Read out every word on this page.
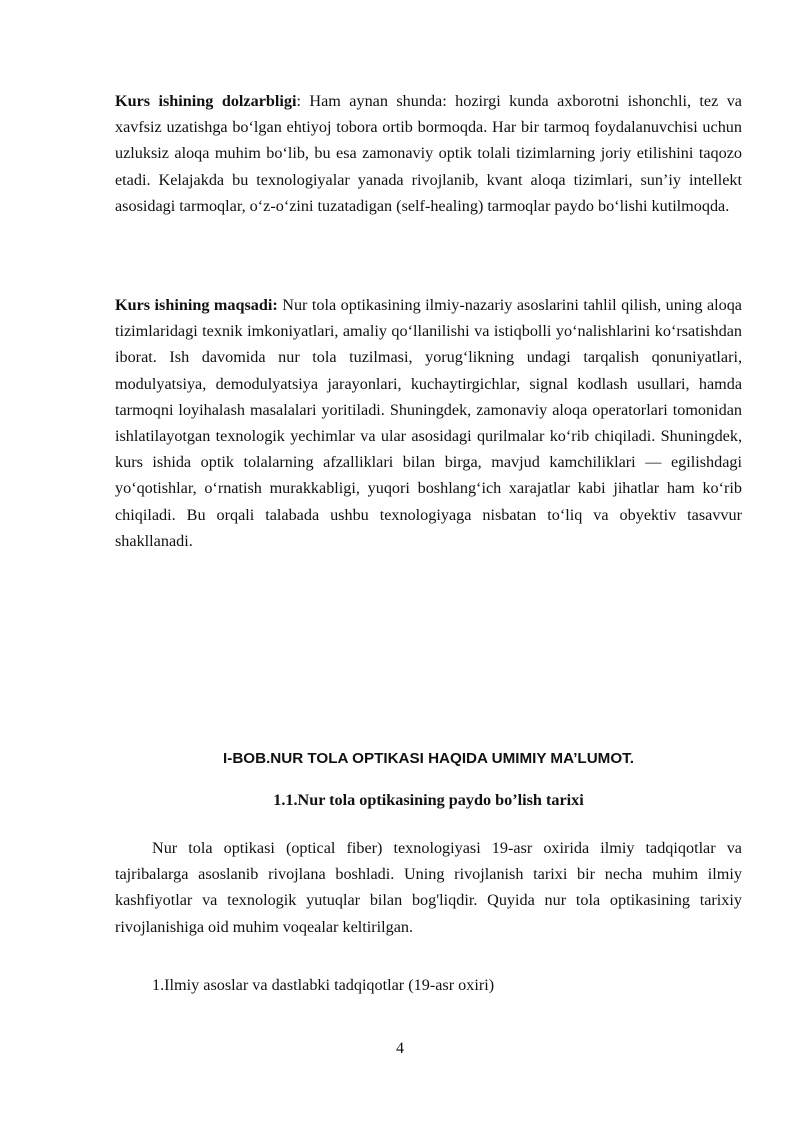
Kurs ishining dolzarbligi: Ham aynan shunda: hozirgi kunda axborotni ishonchli, tez va xavfsiz uzatishga boʻlgan ehtiyoj tobora ortib bormoqda. Har bir tarmoq foydalanuvchisi uchun uzluksiz aloqa muhim boʻlib, bu esa zamonaviy optik tolali tizimlarning joriy etilishini taqozo etadi. Kelajakda bu texnologiyalar yanada rivojlanib, kvant aloqa tizimlari, sun’iy intellekt asosidagi tarmoqlar, oʻz-oʻzini tuzatadigan (self-healing) tarmoqlar paydo boʻlishi kutilmoqda.

Kurs ishining maqsadi: Nur tola optikasining ilmiy-nazariy asoslarini tahlil qilish, uning aloqa tizimlaridagi texnik imkoniyatlari, amaliy qoʻllanilishi va istiqbolli yoʻnalishlarini koʻrsatishdan iborat. Ish davomida nur tola tuzilmasi, yorugʻlikning undagi tarqalish qonuniyatlari, modulyatsiya, demodulyatsiya jarayonlari, kuchaytirgichlar, signal kodlash usullari, hamda tarmoqni loyihalash masalalari yoritiladi. Shuningdek, zamonaviy aloqa operatorlari tomonidan ishlatilayotgan texnologik yechimlar va ular asosidagi qurilmalar koʻrib chiqiladi. Shuningdek, kurs ishida optik tolalarning afzalliklari bilan birga, mavjud kamchiliklari — egilishdagi yoʻqotishlar, oʻrnatish murakkabligi, yuqori boshlangʻich xarajatlar kabi jihatlar ham koʻrib chiqiladi. Bu orqali talabada ushbu texnologiyaga nisbatan toʻliq va obyektiv tasavvur shakllanadi.

I-BOB.NUR TOLA OPTIKASI HAQIDA UMIMIY MA’LUMOT.
1.1.Nur tola optikasining paydo bo’lish tarixi

Nur tola optikasi (optical fiber) texnologiyasi 19-asr oxirida ilmiy tadqiqotlar va tajribalarga asoslanib rivojlana boshladi. Uning rivojlanish tarixi bir necha muhim ilmiy kashfiyotlar va texnologik yutuqlar bilan bog'liqdir. Quyida nur tola optikasining tarixiy rivojlanishiga oid muhim voqealar keltirilgan.

1.Ilmiy asoslar va dastlabki tadqiqotlar (19-asr oxiri)

4
